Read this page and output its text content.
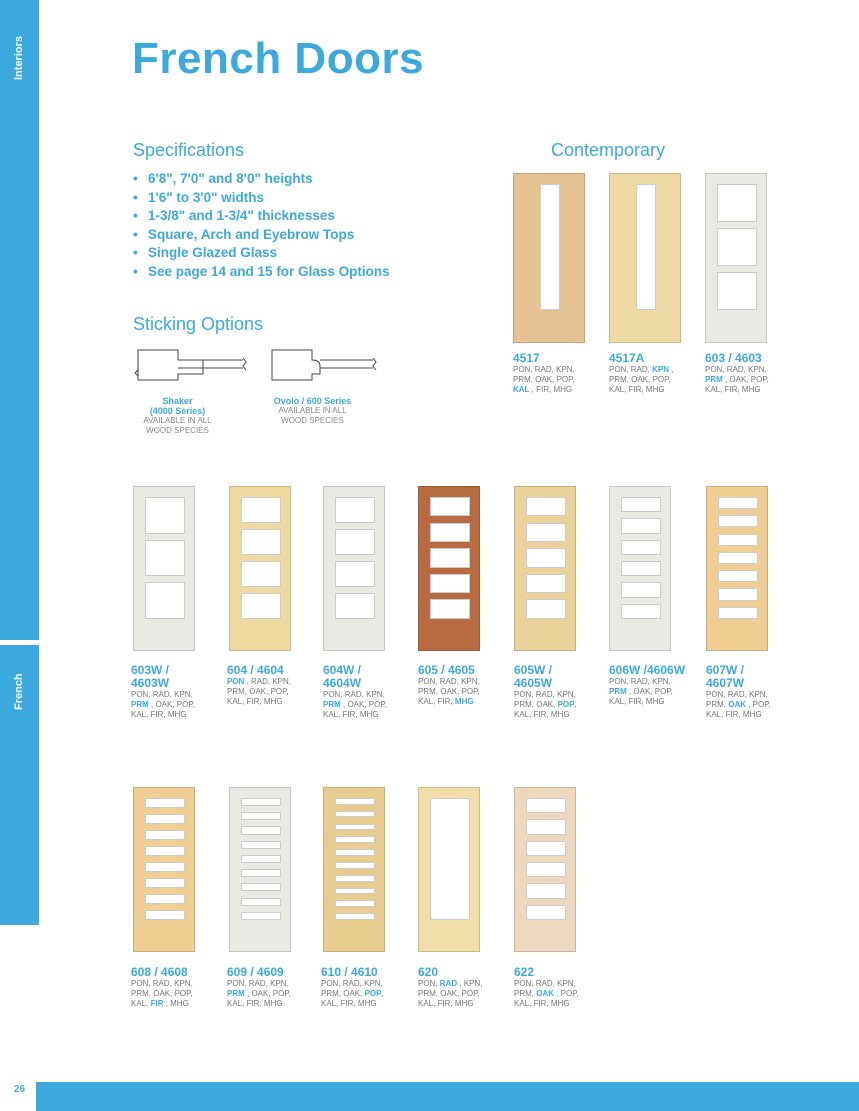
Interiors
French
French Doors
Specifications
• 6'8", 7'0" and 8'0" heights
• 1'6" to 3'0" widths
• 1-3/8" and 1-3/4" thicknesses
• Square, Arch and Eyebrow Tops
• Single Glazed Glass
• See page 14 and 15 for Glass Options
Sticking Options
Shaker
(4000 Series)
AVAILABLE IN ALL
WOOD SPECIES
Ovolo / 600 Series
AVAILABLE IN ALL
WOOD SPECIES
Contemporary
4517
PON, RAD, KPN,
PRM, OAK, POP,
KAL , FIR, MHG
4517A
PON, RAD, KPN ,
PRM, OAK, POP,
KAL, FIR, MHG
603 / 4603
PON, RAD, KPN,
PRM , OAK, POP,
KAL, FIR, MHG
603W / 4603W
PON, RAD, KPN,
PRM , OAK, POP,
KAL, FIR, MHG
604 / 4604
PON , RAD, KPN,
PRM, OAK, POP,
KAL, FIR, MHG
604W / 4604W
PON, RAD, KPN,
PRM , OAK, POP,
KAL, FIR, MHG
605 / 4605
PON, RAD, KPN,
PRM, OAK, POP,
KAL, FIR, MHG
605W / 4605W
PON, RAD, KPN,
PRM, OAK, POP,
KAL, FIR, MHG
606W /4606W
PON, RAD, KPN,
PRM , OAK, POP,
KAL, FIR, MHG
607W / 4607W
PON, RAD, KPN,
PRM, OAK , POP,
KAL, FIR, MHG
608 / 4608
PON, RAD, KPN,
PRM, OAK, POP,
KAL, FIR , MHG
609 / 4609
PON, RAD, KPN,
PRM , OAK, POP,
KAL, FIR, MHG
610 / 4610
PON, RAD, KPN,
PRM, OAK, POP,
KAL, FIR, MHG
620
PON, RAD , KPN,
PRM, OAK, POP,
KAL, FIR, MHG
622
PON, RAD, KPN,
PRM, OAK , POP,
KAL, FIR, MHG
26
